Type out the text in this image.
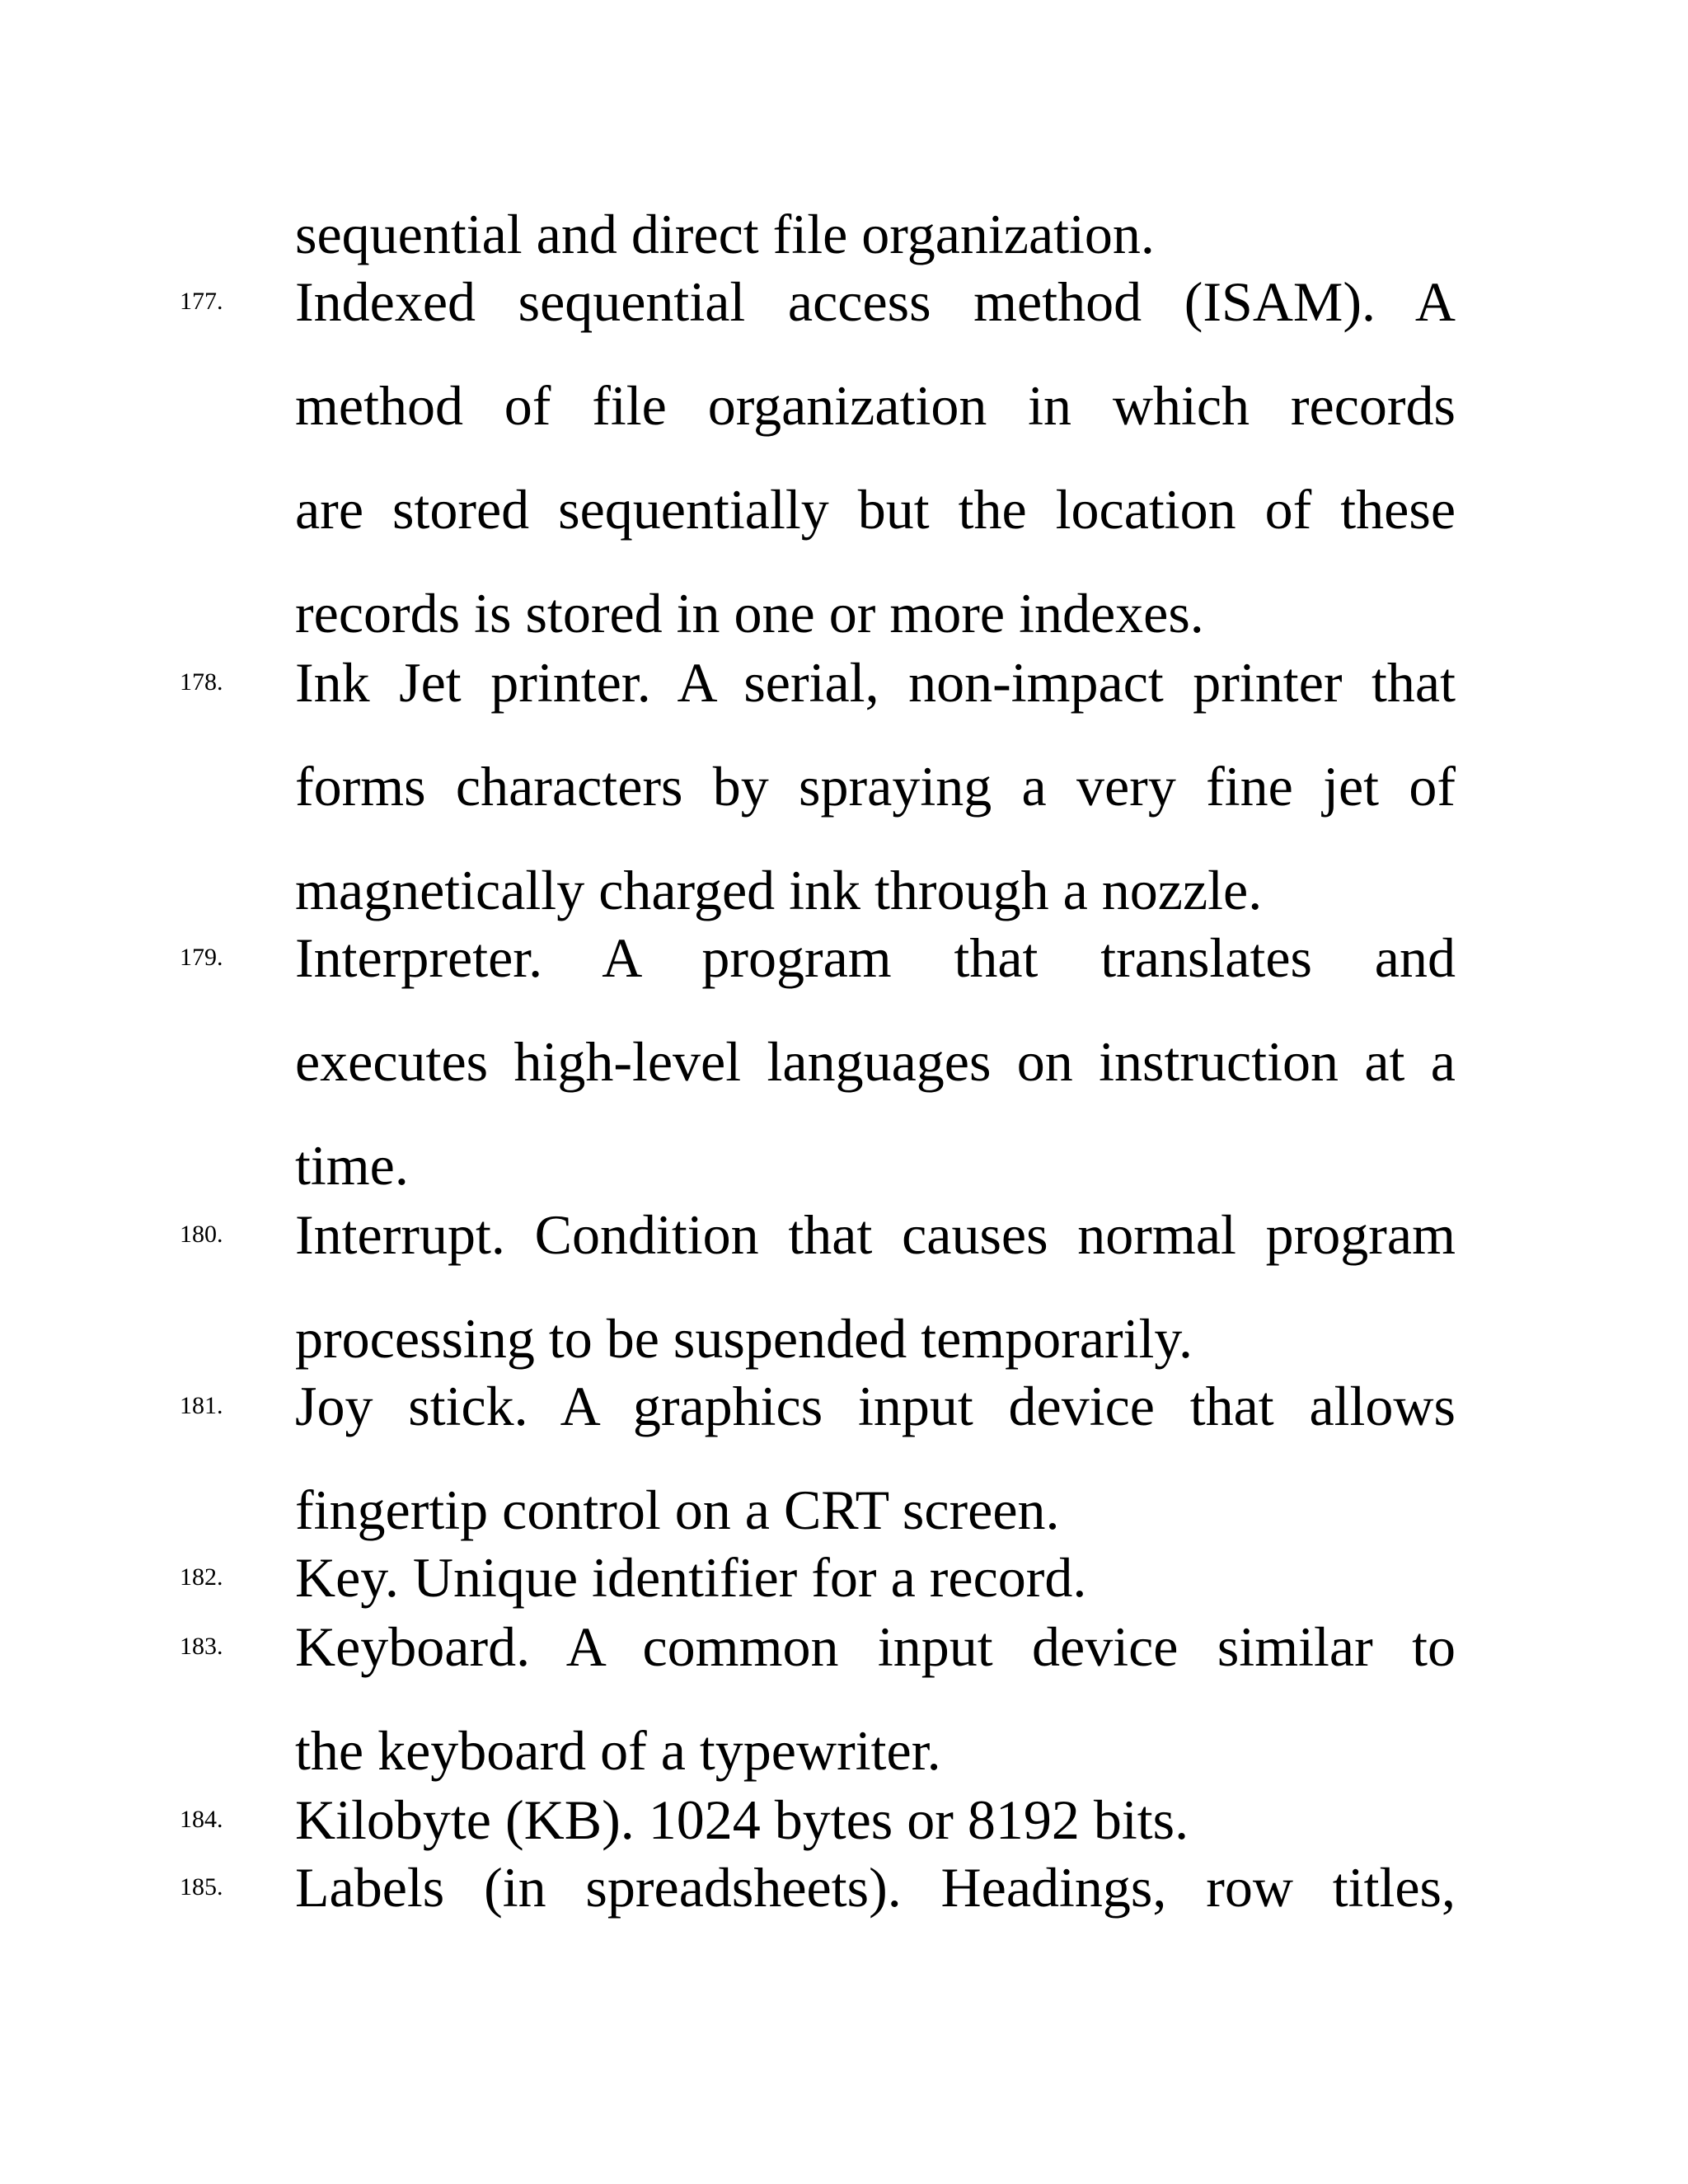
sequential and direct file organization.
177.	Indexed sequential access method (ISAM). A
method of file organization in which records
are stored sequentially but the location of these
records is stored in one or more indexes.
178.	Ink Jet printer. A serial, non-impact printer that
forms characters by spraying a very fine jet of
magnetically charged ink through a nozzle.
179.	Interpreter. A program that translates and
executes high-level languages on instruction at a
time.
180.	Interrupt. Condition that causes normal program
processing to be suspended temporarily.
181.	Joy stick. A graphics input device that allows
fingertip control on a CRT screen.
182.	Key. Unique identifier for a record.
183.	Keyboard. A common input device similar to
the keyboard of a typewriter.
184.	Kilobyte (KB). 1024 bytes or 8192 bits.
185.	Labels (in spreadsheets). Headings, row titles,
